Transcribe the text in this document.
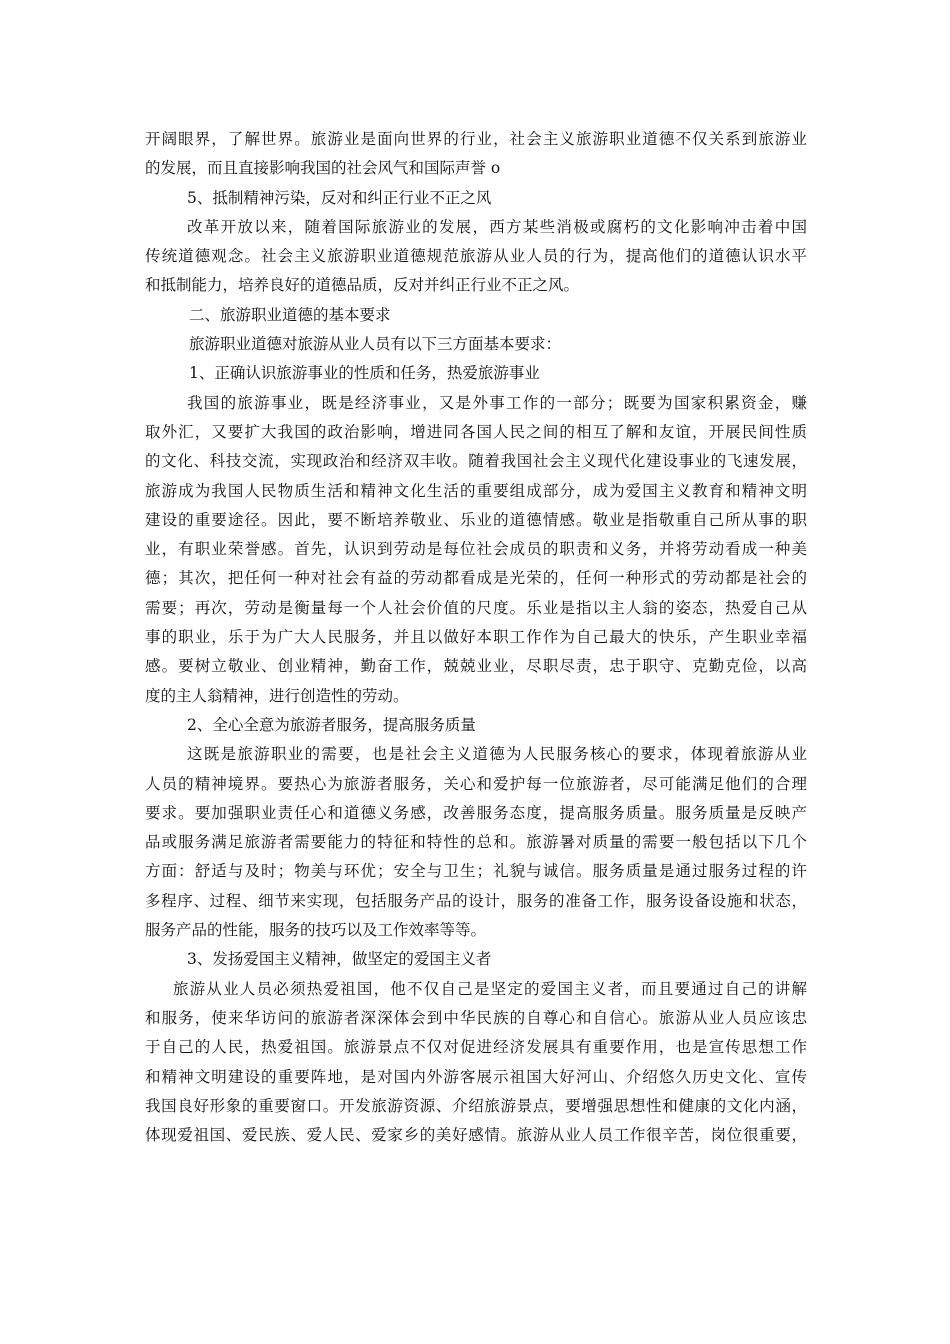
开阔眼界，了解世界。旅游业是面向世界的行业，社会主义旅游职业道德不仅关系到旅游业
的发展，而且直接影响我国的社会风气和国际声誉 o
5、抵制精神污染，反对和纠正行业不正之风
改革开放以来，随着国际旅游业的发展，西方某些消极或腐朽的文化影响冲击着中国
传统道德观念。社会主义旅游职业道德规范旅游从业人员的行为，提高他们的道德认识水平
和抵制能力，培养良好的道德品质，反对并纠正行业不正之风。
二、旅游职业道德的基本要求
旅游职业道德对旅游从业人员有以下三方面基本要求：
1、正确认识旅游事业的性质和任务，热爱旅游事业
我国的旅游事业，既是经济事业，又是外事工作的一部分；既要为国家积累资金，赚
取外汇，又要扩大我国的政治影响，增进同各国人民之间的相互了解和友谊，开展民间性质
的文化、科技交流，实现政治和经济双丰收。随着我国社会主义现代化建设事业的飞速发展，
旅游成为我国人民物质生活和精神文化生活的重要组成部分，成为爱国主义教育和精神文明
建设的重要途径。因此，要不断培养敬业、乐业的道德情感。敬业是指敬重自己所从事的职
业，有职业荣誉感。首先，认识到劳动是每位社会成员的职责和义务，并将劳动看成一种美
德；其次，把任何一种对社会有益的劳动都看成是光荣的，任何一种形式的劳动都是社会的
需要；再次，劳动是衡量每一个人社会价值的尺度。乐业是指以主人翁的姿态，热爱自己从
事的职业，乐于为广大人民服务，并且以做好本职工作作为自己最大的快乐，产生职业幸福
感。要树立敬业、创业精神，勤奋工作，兢兢业业，尽职尽责，忠于职守、克勤克俭，以高
度的主人翁精神，进行创造性的劳动。
2、全心全意为旅游者服务，提高服务质量
这既是旅游职业的需要，也是社会主义道德为人民服务核心的要求，体现着旅游从业
人员的精神境界。要热心为旅游者服务，关心和爱护每一位旅游者，尽可能满足他们的合理
要求。要加强职业责任心和道德义务感，改善服务态度，提高服务质量。服务质量是反映产
品或服务满足旅游者需要能力的特征和特性的总和。旅游暑对质量的需要一般包括以下几个
方面：舒适与及时；物美与环优；安全与卫生；礼貌与诚信。服务质量是通过服务过程的许
多程序、过程、细节来实现，包括服务产品的设计，服务的准备工作，服务设备设施和状态，
服务产品的性能，服务的技巧以及工作效率等等。
3、发扬爱国主义精神，做坚定的爱国主义者
旅游从业人员必须热爱祖国，他不仅自己是坚定的爱国主义者，而且要通过自己的讲解
和服务，使来华访问的旅游者深深体会到中华民族的自尊心和自信心。旅游从业人员应该忠
于自己的人民，热爱祖国。旅游景点不仅对促进经济发展具有重要作用，也是宣传思想工作
和精神文明建设的重要阵地，是对国内外游客展示祖国大好河山、介绍悠久历史文化、宣传
我国良好形象的重要窗口。开发旅游资源、介绍旅游景点，要增强思想性和健康的文化内涵，
体现爱祖国、爱民族、爱人民、爱家乡的美好感情。旅游从业人员工作很辛苦，岗位很重要，
